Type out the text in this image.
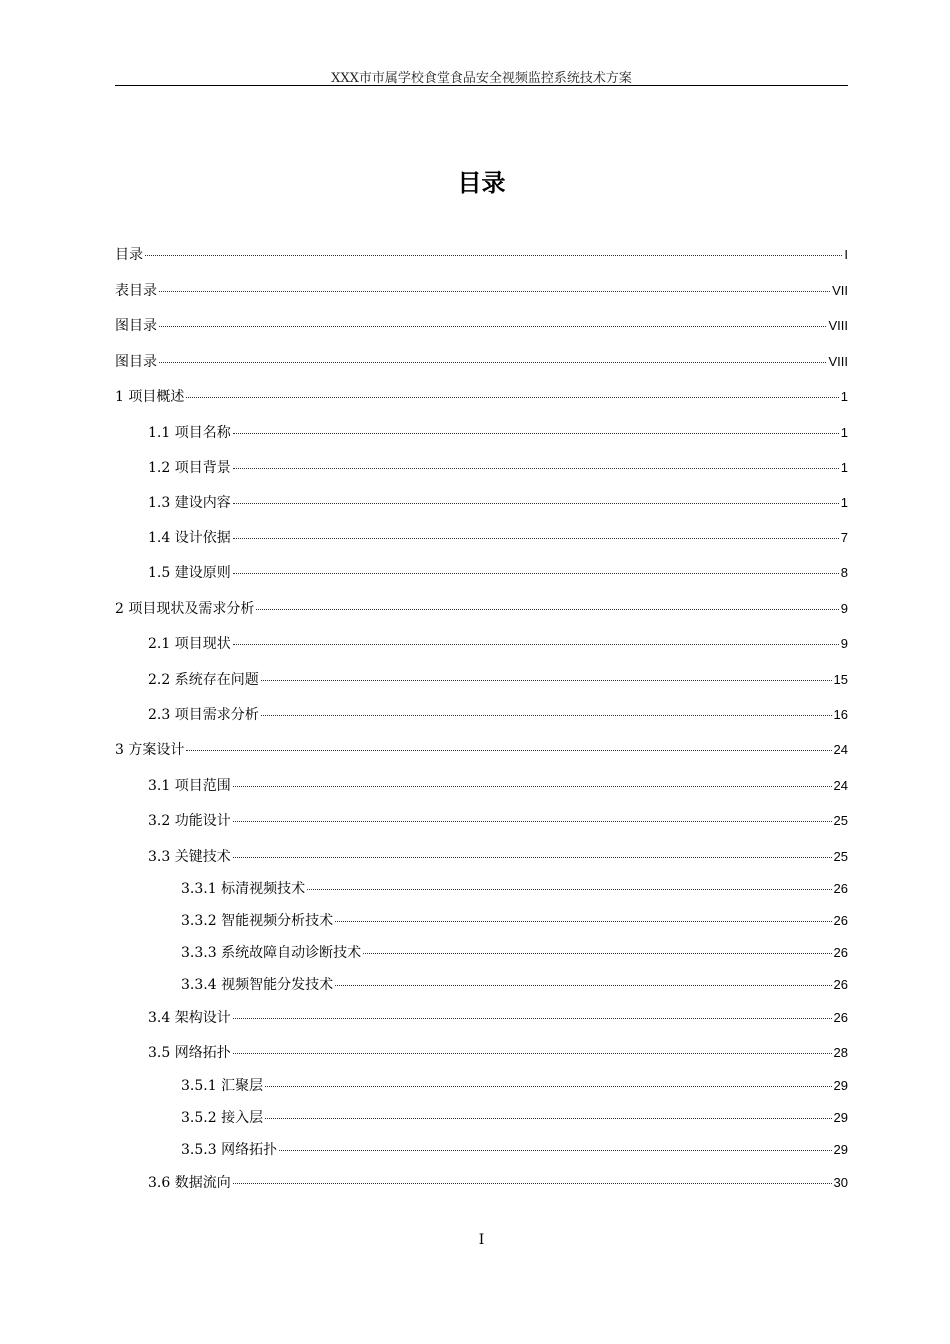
XXX市市属学校食堂食品安全视频监控系统技术方案
目录
目录	I
表目录	VII
图目录	VIII
图目录	VIII
1 项目概述	1
1.1 项目名称	1
1.2 项目背景	1
1.3 建设内容	1
1.4 设计依据	7
1.5 建设原则	8
2 项目现状及需求分析	9
2.1 项目现状	9
2.2 系统存在问题	15
2.3 项目需求分析	16
3 方案设计	24
3.1 项目范围	24
3.2 功能设计	25
3.3 关键技术	25
3.3.1 标清视频技术	26
3.3.2 智能视频分析技术	26
3.3.3 系统故障自动诊断技术	26
3.3.4 视频智能分发技术	26
3.4 架构设计	26
3.5 网络拓扑	28
3.5.1 汇聚层	29
3.5.2 接入层	29
3.5.3 网络拓扑	29
3.6 数据流向	30
I
